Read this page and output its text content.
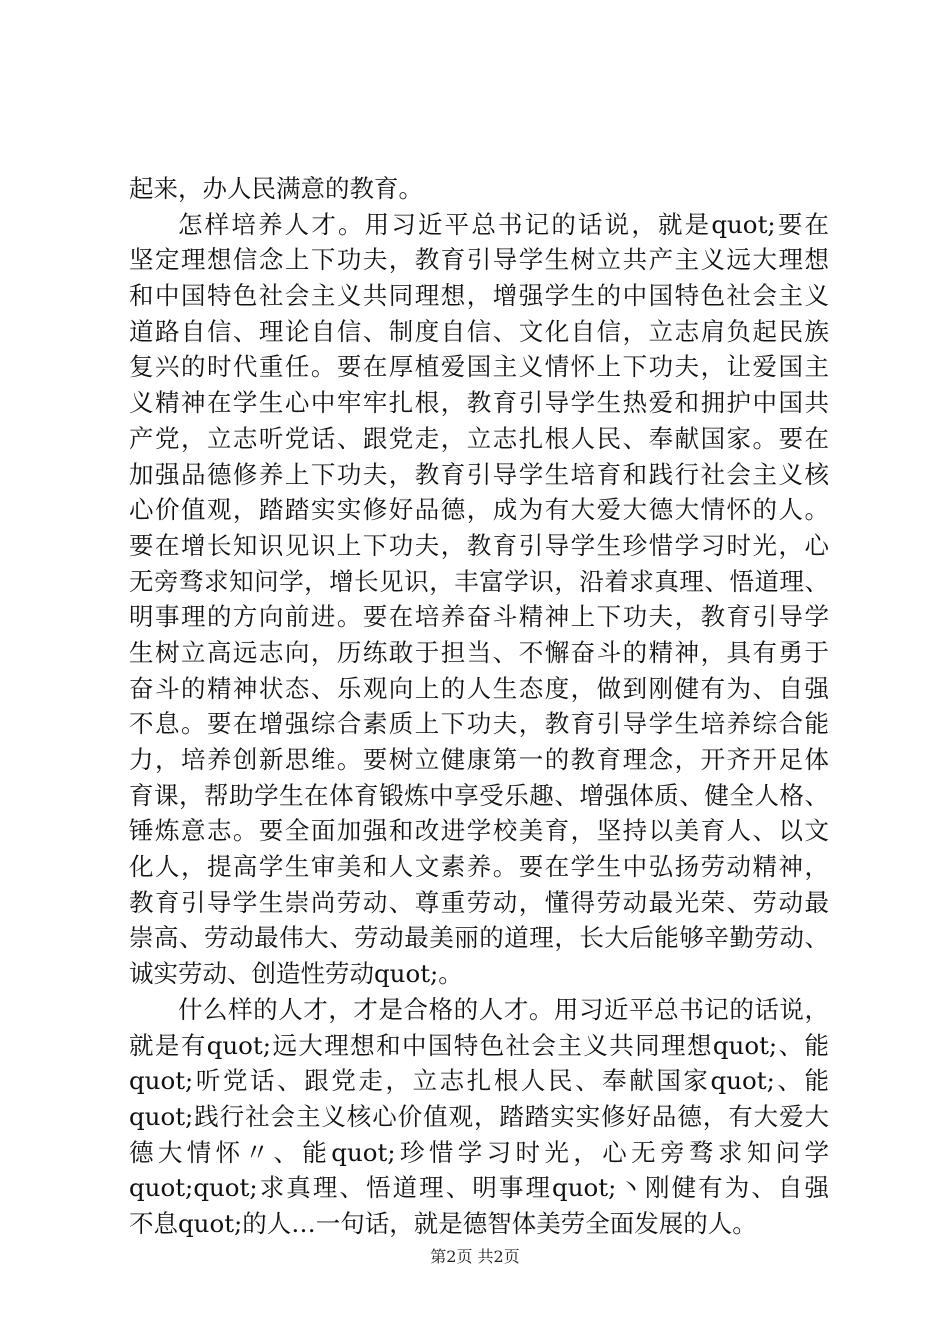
起来，办人民满意的教育。
怎样培养人才。用习近平总书记的话说，就是quot;要在
坚定理想信念上下功夫，教育引导学生树立共产主义远大理想
和中国特色社会主义共同理想，增强学生的中国特色社会主义
道路自信、理论自信、制度自信、文化自信，立志肩负起民族
复兴的时代重任。要在厚植爱国主义情怀上下功夫，让爱国主
义精神在学生心中牢牢扎根，教育引导学生热爱和拥护中国共
产党，立志听党话、跟党走，立志扎根人民、奉献国家。要在
加强品德修养上下功夫，教育引导学生培育和践行社会主义核
心价值观，踏踏实实修好品德，成为有大爱大德大情怀的人。
要在增长知识见识上下功夫，教育引导学生珍惜学习时光，心
无旁骛求知问学，增长见识，丰富学识，沿着求真理、悟道理、
明事理的方向前进。要在培养奋斗精神上下功夫，教育引导学
生树立高远志向，历练敢于担当、不懈奋斗的精神，具有勇于
奋斗的精神状态、乐观向上的人生态度，做到刚健有为、自强
不息。要在增强综合素质上下功夫，教育引导学生培养综合能
力，培养创新思维。要树立健康第一的教育理念，开齐开足体
育课，帮助学生在体育锻炼中享受乐趣、增强体质、健全人格、
锤炼意志。要全面加强和改进学校美育，坚持以美育人、以文
化人，提高学生审美和人文素养。要在学生中弘扬劳动精神，
教育引导学生崇尚劳动、尊重劳动，懂得劳动最光荣、劳动最
崇高、劳动最伟大、劳动最美丽的道理，长大后能够辛勤劳动、
诚实劳动、创造性劳动quot;。
什么样的人才，才是合格的人才。用习近平总书记的话说，
就是有quot;远大理想和中国特色社会主义共同理想quot;、能
quot;听党话、跟党走，立志扎根人民、奉献国家quot;、能
quot;践行社会主义核心价值观，踏踏实实修好品德，有大爱大
德大情怀〃、能quot;珍惜学习时光，心无旁骛求知问学
quot;quot;求真理、悟道理、明事理quot;丶刚健有为、自强
不息quot;的人…一句话，就是德智体美劳全面发展的人。
第2页 共2页
